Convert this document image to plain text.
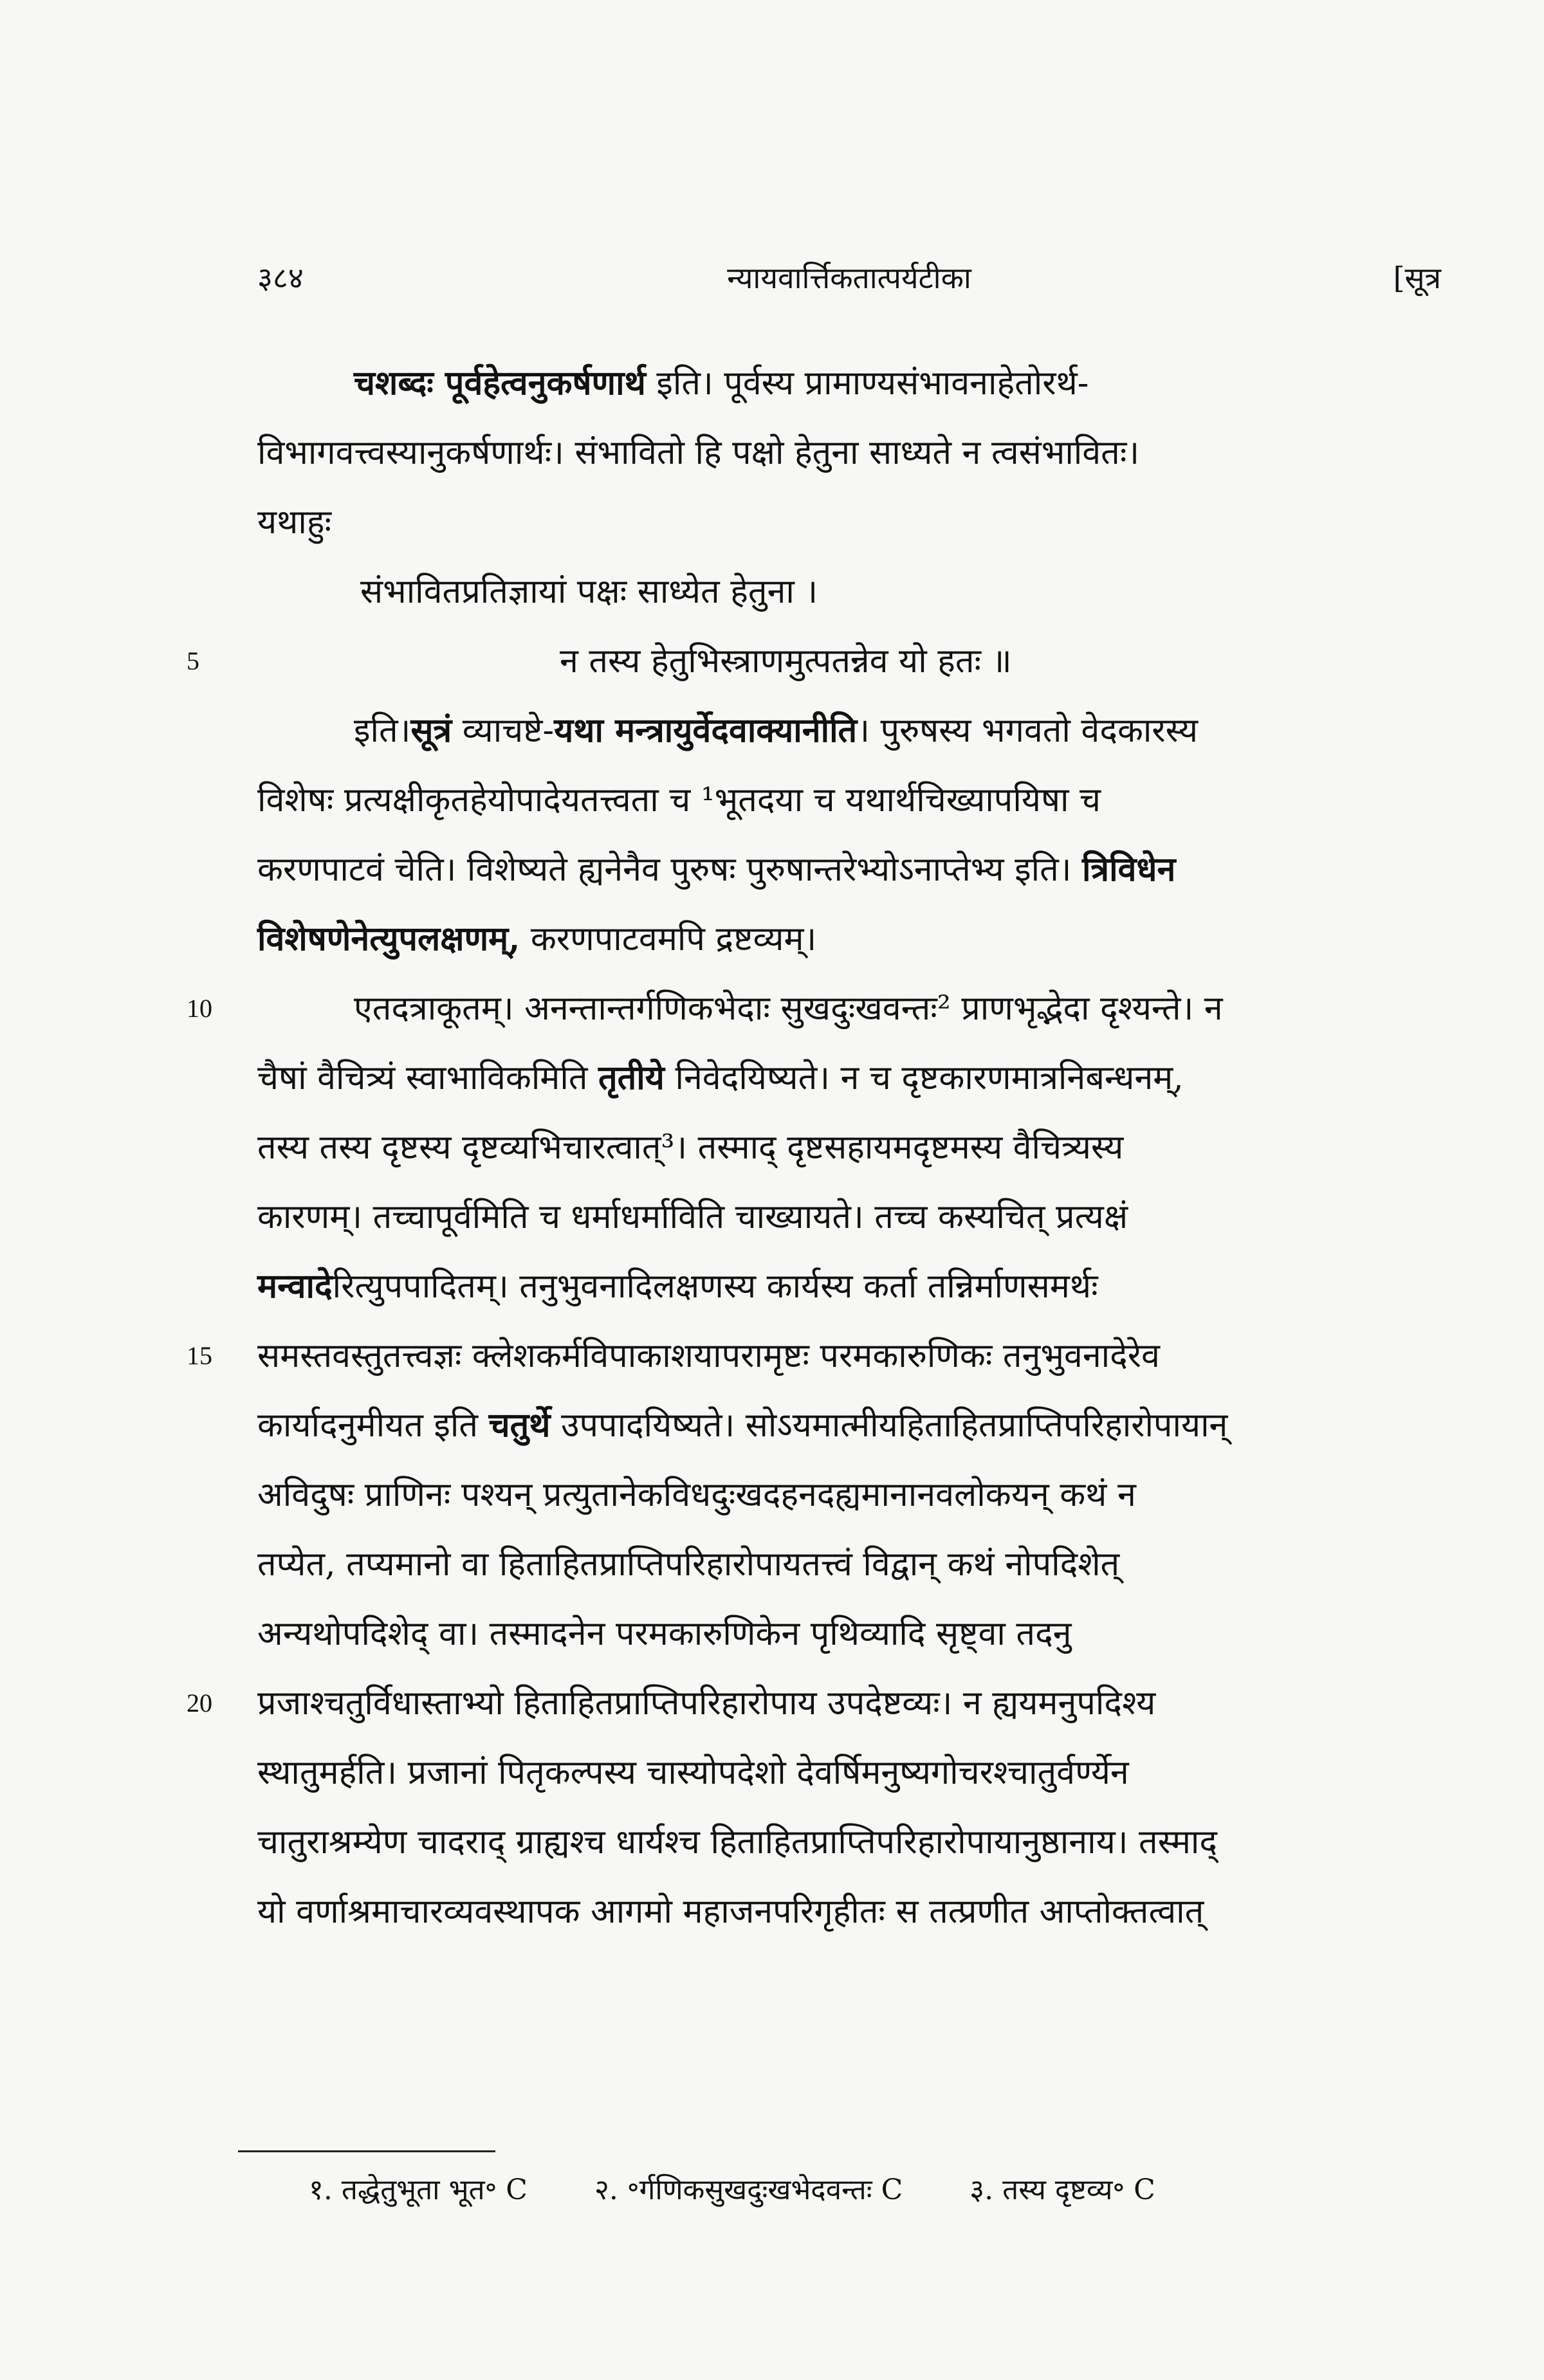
३८४	न्यायवार्त्तिकतात्पर्यटीका	[सूत्र
चशब्दः पूर्वहेत्वनुकर्षणार्थ इति। पूर्वस्य प्रामाण्यसंभावनाहेतोरर्थ-
विभागवत्त्वस्यानुकर्षणार्थः। संभावितो हि पक्षो हेतुना साध्यते न त्वसंभावितः।
यथाहुः
संभावितप्रतिज्ञायां पक्षः साध्येत हेतुना ।
5	न तस्य हेतुभिस्त्राणमुत्पतन्नेव यो हतः ॥
इति।सूत्रं व्याचष्टे-यथा मन्त्रायुर्वेदवाक्यानीति। पुरुषस्य भगवतो वेदकारस्य
विशेषः प्रत्यक्षीकृतहेयोपादेयतत्त्वता च ¹भूतदया च यथार्थचिख्यापयिषा च
करणपाटवं चेति। विशेष्यते ह्यनेनैव पुरुषः पुरुषान्तरेभ्योऽनाप्तेभ्य इति। त्रिविधेन
विशेषणेनेत्युपलक्षणम्, करणपाटवमपि द्रष्टव्यम्।
10	एतदत्राकूतम्। अनन्तान्तर्गणिकभेदाः सुखदुःखवन्तः² प्राणभृद्भेदा दृश्यन्ते। न
चैषां वैचित्र्यं स्वाभाविकमिति तृतीये निवेदयिष्यते। न च दृष्टकारणमात्रनिबन्धनम्,
तस्य तस्य दृष्टस्य दृष्टव्यभिचारत्वात्³। तस्माद् दृष्टसहायमदृष्टमस्य वैचित्र्यस्य
कारणम्। तच्चापूर्वमिति च धर्माधर्माविति चाख्यायते। तच्च कस्यचित् प्रत्यक्षं
मन्वादेरित्युपपादितम्। तनुभुवनादिलक्षणस्य कार्यस्य कर्ता तन्निर्माणसमर्थः
15	समस्तवस्तुतत्त्वज्ञः क्लेशकर्मविपाकाशयापरामृष्टः परमकारुणिकः तनुभुवनादेरेव
कार्यादनुमीयत इति चतुर्थे उपपादयिष्यते। सोऽयमात्मीयहिताहितप्राप्तिपरिहारोपायान्
अविदुषः प्राणिनः पश्यन् प्रत्युतानेकविधदुःखदहनदह्यमानानवलोकयन् कथं न
तप्येत, तप्यमानो वा हिताहितप्राप्तिपरिहारोपायतत्त्वं विद्वान् कथं नोपदिशेत्
अन्यथोपदिशेद् वा। तस्मादनेन परमकारुणिकेन पृथिव्यादि सृष्ट्वा तदनु
20	प्रजाश्चतुर्विधास्ताभ्यो हिताहितप्राप्तिपरिहारोपाय उपदेष्टव्यः। न ह्ययमनुपदिश्य
स्थातुमर्हति। प्रजानां पितृकल्पस्य चास्योपदेशो देवर्षिमनुष्यगोचरश्चातुर्वर्ण्येन
चातुराश्रम्येण चादराद् ग्राह्यश्च धार्यश्च हिताहितप्राप्तिपरिहारोपायानुष्ठानाय। तस्माद्
यो वर्णाश्रमाचारव्यवस्थापक आगमो महाजनपरिगृहीतः स तत्प्रणीत आप्तोक्तत्वात्
१. तद्धेतुभूता भूत॰ C २. ॰र्गणिकसुखदुःखभेदवन्तः C ३. तस्य दृष्टव्य॰ C
